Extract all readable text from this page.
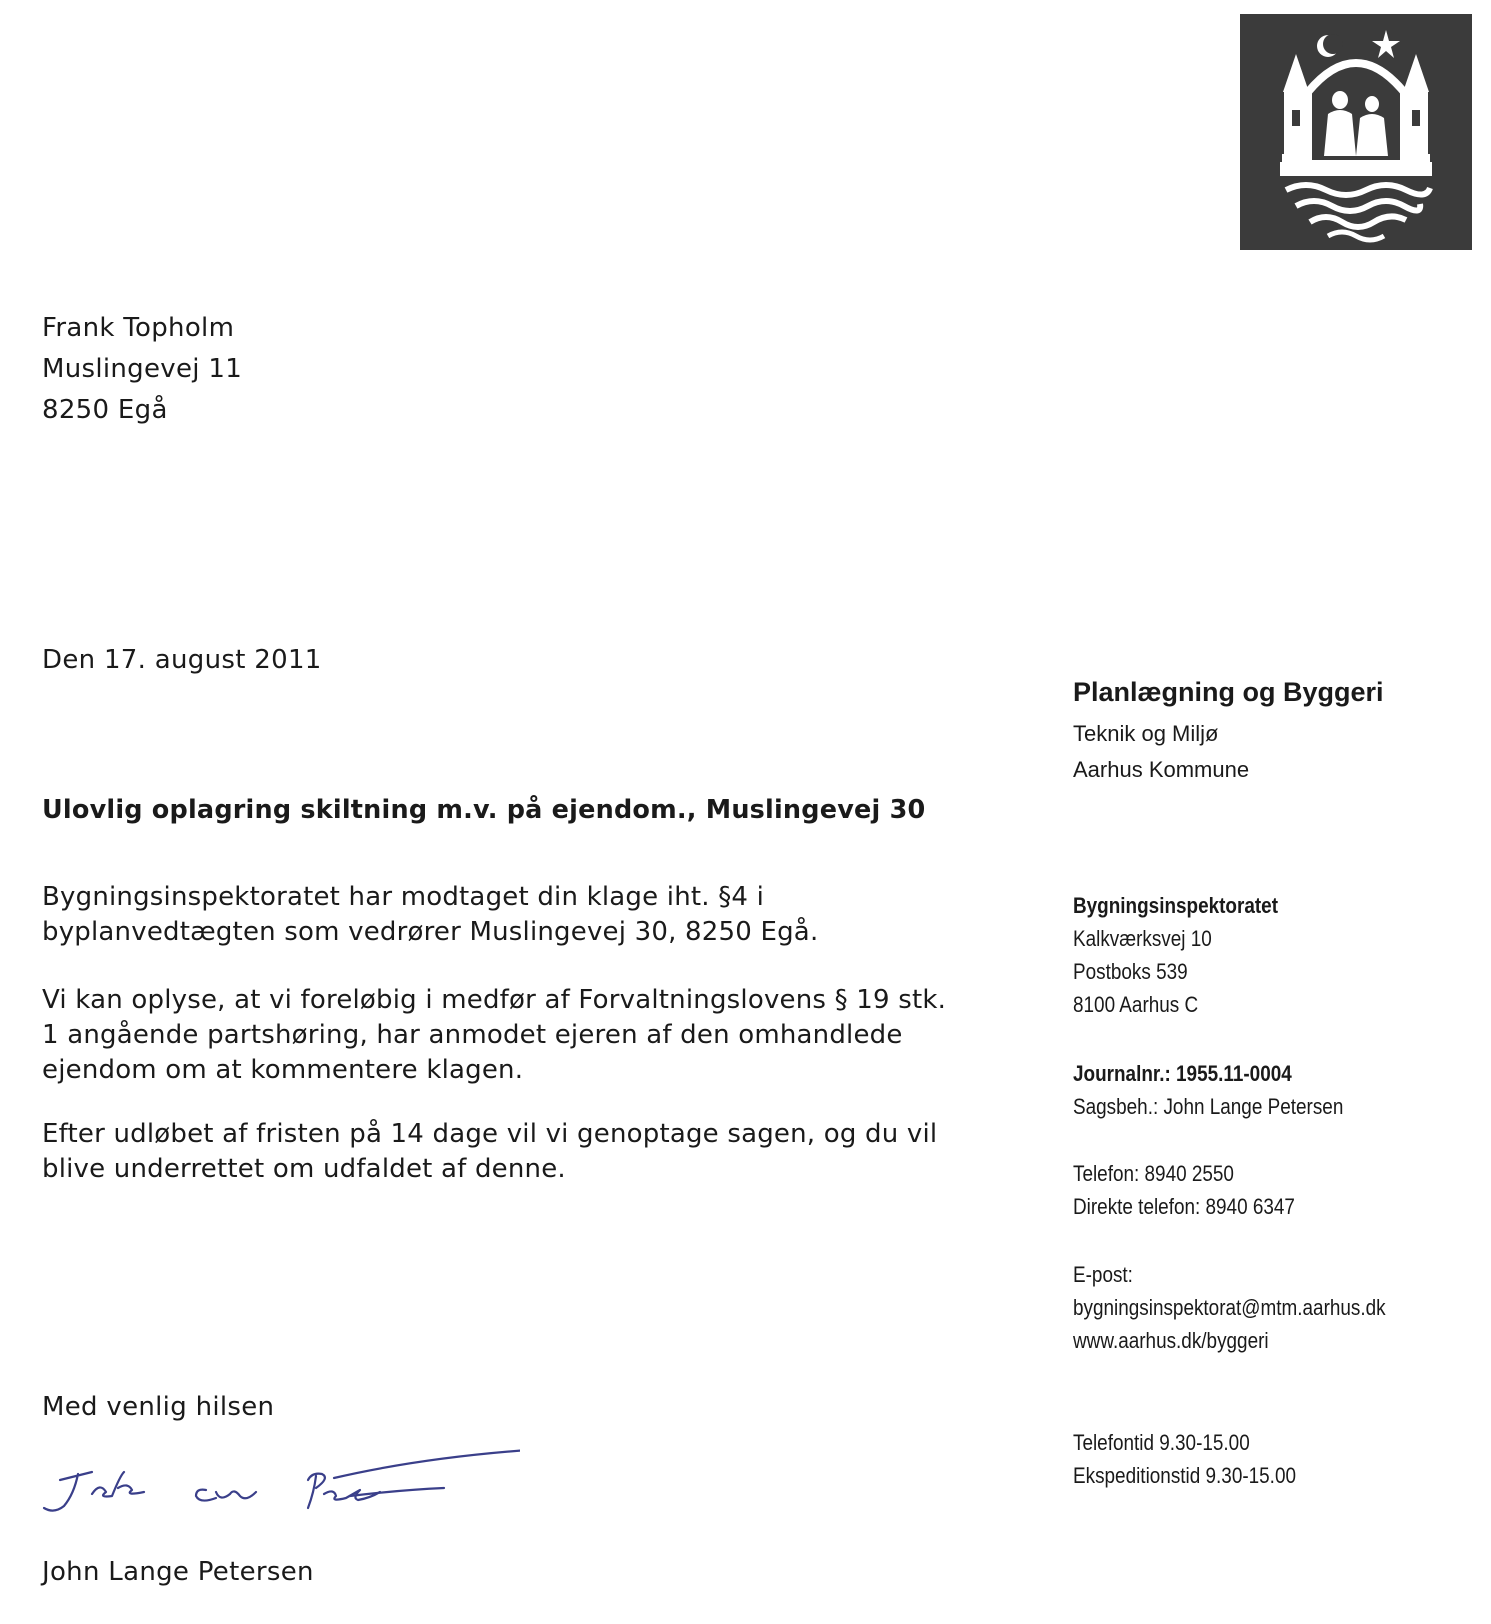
Frank Topholm
Muslingevej 11
8250 Egå
Den 17. august 2011
Ulovlig oplagring skiltning m.v. på ejendom., Muslingevej 30
Bygningsinspektoratet har modtaget din klage iht. §4 i
byplanvedtægten som vedrører Muslingevej 30, 8250 Egå.
Vi kan oplyse, at vi foreløbig i medfør af Forvaltningslovens § 19 stk.
1 angående partshøring, har anmodet ejeren af den omhandlede
ejendom om at kommentere klagen.
Efter udløbet af fristen på 14 dage vil vi genoptage sagen, og du vil
blive underrettet om udfaldet af denne.
Med venlig hilsen
John Lange Petersen
Planlægning og Byggeri
Teknik og Miljø
Aarhus Kommune
Bygningsinspektoratet
Kalkværksvej 10
Postboks 539
8100 Aarhus C
Journalnr.: 1955.11-0004
Sagsbeh.: John Lange Petersen
Telefon: 8940 2550
Direkte telefon: 8940 6347
E-post:
bygningsinspektorat@mtm.aarhus.dk
www.aarhus.dk/byggeri
Telefontid 9.30-15.00
Ekspeditionstid 9.30-15.00
